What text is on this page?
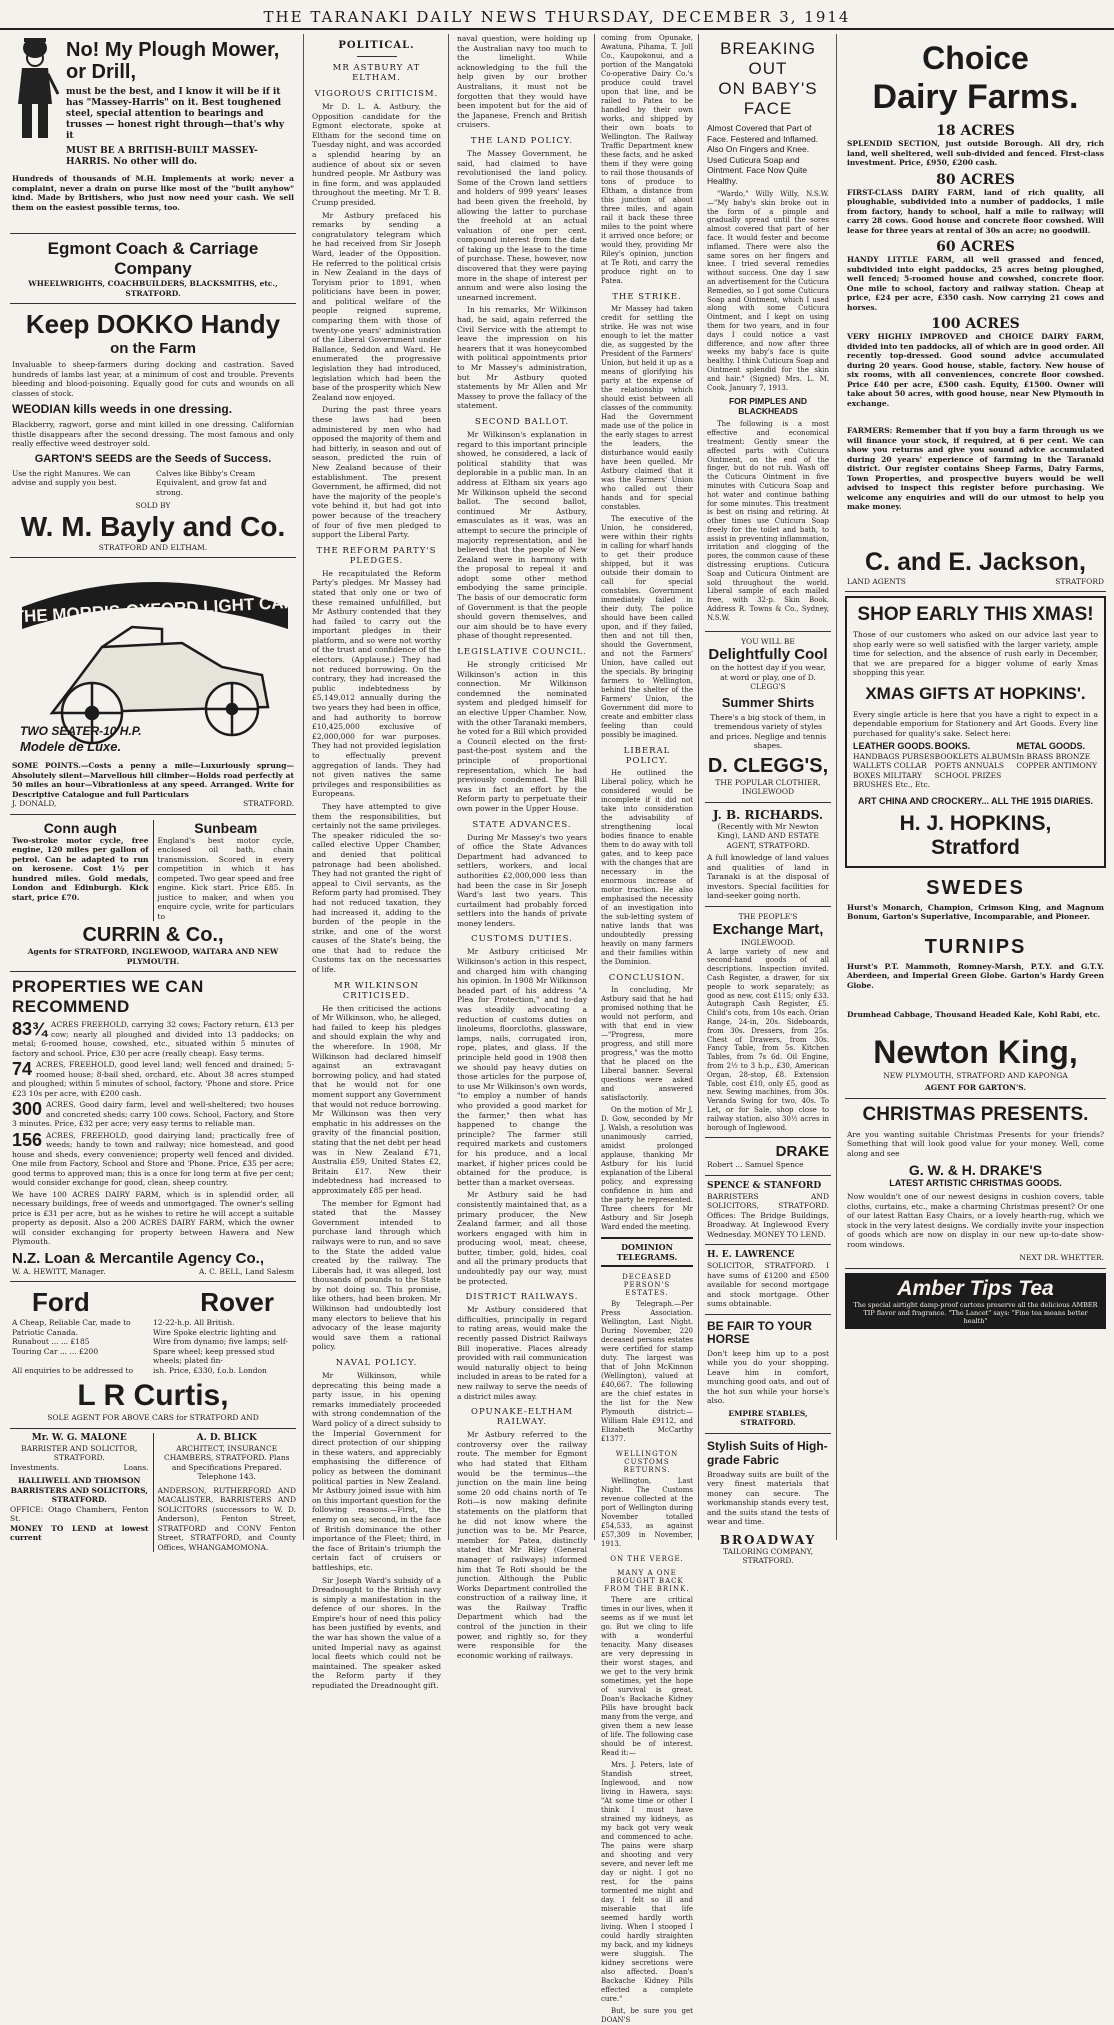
THE TARANAKI DAILY NEWS THURSDAY, DECEMBER 3, 1914
No! My Plough Mower, or Drill,
must be the best, and I know it will be if it has "Massey-Harris" on it. Best toughened steel, special attention to bearings and trusses — honest right through—that's why it
MUST BE A BRITISH-BUILT MASSEY-HARRIS. No other will do.
Hundreds of thousands of M.H. Implements at work; never a complaint, never a drain on purse like most of the "built anyhow" kind. Made by Britishers, who just now need your cash. We sell them on the easiest possible terms, too.
Egmont Coach & Carriage Company
WHEELWRIGHTS, COACHBUILDERS, BLACKSMITHS, etc., STRATFORD.
Keep DOKKO Handy
on the Farm
Invaluable to sheep-farmers during docking and castration. Saved hundreds of lambs last year, at a minimum of cost and trouble. Prevents bleeding and blood-poisoning. Equally good for cuts and wounds on all classes of stock.
WEODIAN kills weeds in one dressing.
Blackberry, ragwort, gorse and mint killed in one dressing. Californian thistle disappears after the second dressing. The most famous and only really effective weed destroyer sold.
GARTON'S SEEDS are the Seeds of Success.
Use the right Manures. We can advise and supply you best.
Calves like Bibby's Cream Equivalent, and grow fat and strong.
SOLD BY
W. M. Bayly and Co.
STRATFORD AND ELTHAM.
THE MORRIS-OXFORD LIGHT CAR
TWO SEATER-10 H.P.
Modele de Luxe.
SOME POINTS.—Costs a penny a mile—Luxuriously sprung—Absolutely silent—Marvellous hill climber—Holds road perfectly at 50 miles an hour—Vibrationless at any speed. Arranged. Write for Descriptive Catalogue and full Particulars
J. DONALD,	STRATFORD.
Conn augh
Two-stroke motor cycle, free engine, 120 miles per gallon of petrol. Can be adapted to run on kerosene. Cost 1½ per hundred miles. Gold medals, London and Edinburgh. Kick start, price £70.
Sunbeam
England's best motor cycle, enclosed oil bath, chain transmission. Scored in every competition in which it has competed. Two gear speed and free engine. Kick start. Price £85. In justice to maker, and when you enquire cycle, write for particulars to
CURRIN & Co.,
Agents for STRATFORD, INGLEWOOD, WAITARA AND NEW PLYMOUTH.
PROPERTIES WE CAN RECOMMEND
83¾ ACRES FREEHOLD, carrying 32 cows; Factory return, £13 per cow; nearly all ploughed and divided into 13 paddocks; on metal; 6-roomed house, cowshed, etc., situated within 5 minutes of factory and school. Price, £30 per acre (really cheap). Easy terms.
74 ACRES, FREEHOLD, good level land; well fenced and drained; 5-roomed house; 8-bail shed, orchard, etc. About 38 acres stumped and ploughed; within 5 minutes of school, factory. 'Phone and store. Price £23 10s per acre, with £200 cash.
300 ACRES, Good dairy farm, level and well-sheltered; two houses and concreted sheds; carry 100 cows. School, Factory, and Store 3 minutes. Price, £32 per acre; very easy terms to reliable man.
156 ACRES, FREEHOLD, good dairying land; practically free of weeds; handy to town and railway; nice homestead, and good house and sheds, every convenience; property well fenced and divided. One mile from Factory, School and Store and 'Phone. Price, £35 per acre; good terms to approved man; this is a once for long term at five per cent; would consider exchange for good, clean, sheep country.
We have 100 ACRES DAIRY FARM, which is in splendid order, all necessary buildings, free of weeds and unmortgaged. The owner's selling price is £31 per acre, but as he wishes to retire he will accept a suitable property as deposit. Also a 200 ACRES DAIRY FARM, which the owner will consider exchanging for property between Hawera and New Plymouth.
N.Z. Loan & Mercantile Agency Co.,
W. A. HEWITT, Manager.	A. C. BELL, Land Salesm
Ford	Rover
A Cheap, Reliable Car, made to	12-22-h.p. All British.
Patriotic Canada.	Wire Spoke electric lighting and
Runabout ... ... £185	Wire from dynamo; five lamps; self-
Touring Car ... ... £200	Spare wheel; keep pressed stud wheels; plated fin-
All enquiries to be addressed to	ish. Price, £330, f.o.b. London
L R Curtis,
SOLE AGENT FOR ABOVE CARS for STRATFORD AND
Mr. W. G. MALONE
BARRISTER AND SOLICITOR, STRATFORD.
Investments.	Loans.
HALLIWELL AND THOMSON BARRISTERS AND SOLICITORS, STRATFORD.
OFFICE: Otago Chambers, Fenton St.
MONEY TO LEND at lowest current
A. D. BLICK
ARCHITECT, INSURANCE CHAMBERS, STRATFORD. Plans and Specifications Prepared. Telephone 143.
ANDERSON, RUTHERFORD AND MACALISTER, BARRISTERS AND SOLICITORS (successors to W. D. Anderson), Fenton Street, STRATFORD and CONV Fenton Street, STRATFORD, and County Offices, WHANGAMOMONA.
POLITICAL.
MR ASTBURY AT ELTHAM.
VIGOROUS CRITICISM.
Mr D. L. A. Astbury, the Opposition candidate for the Egmont electorate, spoke at Eltham for the second time on Tuesday night, and was accorded a splendid hearing by an audience of about six or seven hundred people. Mr Astbury was in fine form, and was applauded throughout the meeting. Mr T. B. Crump presided.
Mr Astbury prefaced his remarks by sending a congratulatory telegram which he had received from Sir Joseph Ward, leader of the Opposition. He referred to the political crisis in New Zealand in the days of Toryism prior to 1891, when politicians have been in power, and political welfare of the people reigned supreme, comparing them with those of twenty-one years' administration of the Liberal Government under Ballance, Seddon and Ward. He enumerated the progressive legislation they had introduced, legislation which had been the base of the prosperity which New Zealand now enjoyed.
During the past three years these laws had been administered by men who had opposed the majority of them and had bitterly, in season and out of season, predicted the ruin of New Zealand because of their establishment. The present Government, he affirmed, did not have the majority of the people's vote behind it, but had got into power because of the treachery of four of five men pledged to support the Liberal Party.
THE REFORM PARTY'S PLEDGES.
He recapitulated the Reform Party's pledges. Mr Massey had stated that only one or two of these remained unfulfilled, but Mr Astbury contended that they had failed to carry out the important pledges in their platform, and so were not worthy of the trust and confidence of the electors. (Applause.) They had not reduced borrowing. On the contrary, they had increased the public indebtedness by £5,149,012 annually during the two years they had been in office, and had authority to borrow £10,425,000 exclusive of £2,000,000 for war purposes. They had not provided legislation to effectually prevent aggregation of lands. They had not given natives the same privileges and responsibilities as Europeans.
They have attempted to give them the responsibilities, but certainly not the same privileges. The speaker ridiculed the so-called elective Upper Chamber, and denied that political patronage had been abolished. They had not granted the right of appeal to Civil servants, as the Reform party had promised. They had not reduced taxation, they had increased it, adding to the burden of the people in the strike, and one of the worst causes of the State's being, the one that had to reduce the Customs tax on the necessaries of life.
MR WILKINSON CRITICISED.
He then criticised the actions of Mr Wilkinson, who, he alleged, had failed to keep his pledges and should explain the why and the wherefore. In 1908, Mr Wilkinson had declared himself against an extravagant borrowing policy, and had stated that he would not for one moment support any Government that would not reduce borrowing. Mr Wilkinson was then very emphatic in his addresses on the gravity of the financial position, stating that the net debt per head was in New Zealand £71, Australia £59, United States £2, Britain £17. New their indebtedness had increased to approximately £85 per head.
The member for Egmont had stated that the Massey Government intended to purchase land through which railways were to run, and so save to the State the added value created by the railway. The Liberals had, it was alleged, lost thousands of pounds to the State by not doing so. This promise, like others, had been broken. Mr Wilkinson had undoubtedly lost many electors to believe that his advocacy of the lease majority would save them a rational policy.
NAVAL POLICY.
Mr Wilkinson, while deprecating this being made a party issue, in his opening remarks immediately proceeded with strong condemnation of the Ward policy of a direct subsidy to the Imperial Government for direct protection of our shipping in these waters, and appreciably emphasising the difference of policy as between the dominant political parties in New Zealand. Mr Astbury joined issue with him on this important question for the following reasons.—First, the enemy on sea; second, in the face of British dominance the other importance of the Fleet; third, in the face of Britain's triumph the certain fact of cruisers or battleships, etc.
Sir Joseph Ward's subsidy of a Dreadnought to the British navy is simply a manifestation in the defence of our shores. In the Empire's hour of need this policy has been justified by events, and the war has shown the value of a united Imperial navy as against local fleets which could not be maintained. The speaker asked the Reform party if they repudiated the Dreadnought gift.
naval question, were holding up the Australian navy too much to the limelight. While acknowledging to the full the help given by our brother Australians, it must not be forgotten that they would have been impotent but for the aid of the Japanese, French and British cruisers.
THE LAND POLICY.
The Massey Government, he said, had claimed to have revolutionised the land policy. Some of the Crown land settlers and holders of 999 years' leases had been given the freehold, by allowing the latter to purchase the freehold at an actual valuation of one per cent. compound interest from the date of taking up the lease to the time of purchase. These, however, now discovered that they were paying more in the shape of interest per annum and were also losing the unearned increment.
In his remarks, Mr Wilkinson had, he said, again referred the Civil Service with the attempt to leave the impression on his hearers that it was honeycombed with political appointments prior to Mr Massey's administration, but Mr Astbury quoted statements by Mr Allen and Mr Massey to prove the fallacy of the statement.
SECOND BALLOT.
Mr Wilkinson's explanation in regard to this important principle showed, he considered, a lack of political stability that was deplorable in a public man. In an address at Eltham six years ago Mr Wilkinson upheld the second ballot. The second ballot, continued Mr Astbury, emasculates as it was, was an attempt to secure the principle of majority representation, and he believed that the people of New Zealand were in harmony with the proposal to repeal it and adopt some other method embodying the same principle. The basis of our democratic form of Government is that the people should govern themselves, and our aim should be to have every phase of thought represented.
LEGISLATIVE COUNCIL.
He strongly criticised Mr Wilkinson's action in this connection. Mr Wilkinson condemned the nominated system and pledged himself for an elective Upper Chamber. Now, with the other Taranaki members, he voted for a Bill which provided a Council elected on the first-past-the-post system and the principle of proportional representation, which he had previously condemned. The Bill was in fact an effort by the Reform party to perpetuate their own power in the Upper House.
STATE ADVANCES.
During Mr Massey's two years of office the State Advances Department had advanced to settlers, workers, and local authorities £2,000,000 less than had been the case in Sir Joseph Ward's last two years. This curtailment had probably forced settlers into the hands of private money lenders.
CUSTOMS DUTIES.
Mr Astbury criticised Mr Wilkinson's action in this respect, and charged him with changing his opinion. In 1908 Mr Wilkinson headed part of his address "A Plea for Protection," and to-day was steadily advocating a reduction of customs duties on linoleums, floorcloths, glassware, lamps, nails, corrugated iron, rope, plates, and glass. If the principle held good in 1908 then we should pay heavy duties on those articles for the purpose of, to use Mr Wilkinson's own words, "to employ a number of hands who provided a good market for the farmer," then what has happened to change the principle? The farmer still required markets and customers for his produce, and a local market, if higher prices could be obtained for the produce, is better than a market overseas.
Mr Astbury said he had consistently maintained that, as a primary producer, the New Zealand farmer, and all those workers engaged with him in producing wool, meat, cheese, butter, timber, gold, hides, coal and all the primary products that undoubtedly pay our way, must be protected.
DISTRICT RAILWAYS.
Mr Astbury considered that difficulties, principally in regard to rating areas, would make the recently passed District Railways Bill inoperative. Places already provided with rail communication would naturally object to being included in areas to be rated for a new railway to serve the needs of a district miles away.
OPUNAKE-ELTHAM RAILWAY.
Mr Astbury referred to the controversy over the railway route. The member for Egmont who had stated that Eltham would be the terminus—the junction on the main line being some 20 odd chains north of Te Roti—is now making definite statements on the platform that he did not know where the junction was to be. Mr Pearce, member for Patea, distinctly stated that Mr Riley (General manager of railways) informed him that Te Roti should be the junction. Although the Public Works Department controlled the construction of a railway line, it was the Railway Traffic Department which had the control of the junction in their power, and rightly so, for they were responsible for the economic working of railways.
coming from Opunake, Awatuna, Pihama, T. Joll Co., Kaupokonui, and a portion of the Mangatoki Co-operative Dairy Co.'s produce could travel upon that line, and be railed to Patea to be handled by their own works, and shipped by their own boats to Wellington. The Railway Traffic Department knew these facts, and he asked them if they were going to rail those thousands of tons of produce to Eltham, a distance from this junction of about three miles, and again rail it back these three miles to the point where it arrived once before; or would they, providing Mr Riley's opinion, junction at Te Roti, and carry the produce right on to Patea.
THE STRIKE.
Mr Massey had taken credit for settling the strike. He was not wise enough to let the matter die, as suggested by the President of the Farmers' Union, but held it up as a means of glorifying his party at the expense of the relationship which should exist between all classes of the community. Had the Government made use of the police in the early stages to arrest the leaders, the disturbance would easily have been quelled. Mr Astbury claimed that it was the Farmers' Union who called out their hands and for special constables.
The executive of the Union, he considered, were within their rights in calling for wharf hands to get their produce shipped, but it was outside their domain to call for special constables. Government immediately failed in their duty. The police should have been called upon, and if they failed, then and not till then, should the Government, and not the Farmers' Union, have called out the specials. By bringing farmers to Wellington, behind the shelter of the Farmers' Union, the Government did more to create and embitter class feeling than could possibly be imagined.
LIBERAL POLICY.
He outlined the Liberal policy, which he considered would be incomplete if it did not take into consideration the advisability of strengthening local bodies finance to enable them to do away with toll gates, and to keep pace with the changes that are necessary in the enormous increase of motor traction. He also emphasised the necessity of an investigation into the sub-letting system of native lands that was undoubtedly pressing heavily on many farmers and their families within the Dominion.
CONCLUSION.
In concluding, Mr Astbury said that he had promised nothing that he would not perform, and with that end in view —"Progress, more progress, and still more progress," was the motto that he placed on the Liberal banner. Several questions were asked and answered satisfactorily.
On the motion of Mr J. D. Gow, seconded by Mr J. Walsh, a resolution was unanimously carried, amidst prolonged applause, thanking Mr Astbury for his lucid explanation of the Liberal policy, and expressing confidence in him and the party he represented. Three cheers for Mr Astbury and Sir Joseph Ward ended the meeting.
DOMINION TELEGRAMS.
DECEASED PERSON'S ESTATES.
By Telegraph.—Per Press Association. Wellington, Last Night. During November, 220 deceased persons estates were certified for stamp duty. The largest was that of John McKinnon (Wellington), valued at £40,667. The following are the chief estates in the list for the New Plymouth district:—William Hale £9112, and Elizabeth McCarthy £1377.
WELLINGTON CUSTOMS RETURNS.
Wellington, Last Night. The Customs revenue collected at the port of Wellington during November totalled £54,533, as against £57,309 in November, 1913.
ON THE VERGE.
MANY A ONE BROUGHT BACK FROM THE BRINK.
There are critical times in our lives, when it seems as if we must let go. But we cling to life with a wonderful tenacity. Many diseases are very depressing in their worst stages, and we get to the very brink sometimes, yet the hope of survival is great. Doan's Backache Kidney Pills have brought back many from the verge, and given them a new lease of life. The following case should be of interest. Read it:—
Mrs. J. Peters, late of Standish street, Inglewood, and now living in Hawera, says: "At some time or other I think I must have strained my kidneys, as my back got very weak and commenced to ache. The pains were sharp and shooting and very severe, and never left me day or night. I got no rest, for the pains tormented me night and day. I felt so ill and miserable that life seemed hardly worth living. When I stooped I could hardly straighten my back, and my kidneys were sluggish. The kidney secretions were also affected. Doan's Backache Kidney Pills effected a complete cure."
But, be sure you get DOAN'S
BREAKING OUT
ON BABY'S FACE
Almost Covered that Part of Face. Festered and Inflamed. Also On Fingers and Knee. Used Cuticura Soap and Ointment. Face Now Quite Healthy.
"Wardo," Willy Willy, N.S.W.—"My baby's skin broke out in the form of a pimple and gradually spread until the sores almost covered that part of her face. It would fester and become inflamed. There were also the same sores on her fingers and knee. I tried several remedies without success. One day I saw an advertisement for the Cuticura Remedies, so I got some Cuticura Soap and Ointment, which I used along with some Cuticura Ointment, and I kept on using them for two years, and in four days I could notice a vast difference, and now after three weeks my baby's face is quite healthy. I think Cuticura Soap and Ointment splendid for the skin and hair." (Signed) Mrs. L. M. Cook, January 7, 1913.
FOR PIMPLES AND BLACKHEADS
The following is a most effective and economical treatment: Gently smear the affected parts with Cuticura Ointment, on the end of the finger, but do not rub. Wash off the Cuticura Ointment in five minutes with Cuticura Soap and hot water and continue bathing for some minutes. This treatment is best on rising and retiring. At other times use Cuticura Soap freely for the toilet and bath, to assist in preventing inflammation, irritation and clogging of the pores, the common cause of these distressing eruptions. Cuticura Soap and Cuticura Ointment are sold throughout the world. Liberal sample of each mailed free, with 32-p. Skin Book. Address R. Towns & Co., Sydney, N.S.W.
YOU WILL BE
Delightfully Cool
on the hottest day if you wear, at word or play, one of D. CLEGG'S
Summer Shirts
There's a big stock of them, in tremendous variety of styles and prices. Neglige and tennis shapes.
D. CLEGG'S,
THE POPULAR CLOTHIER, INGLEWOOD
J. B. RICHARDS.
(Recently with Mr Newton King), LAND AND ESTATE AGENT, STRATFORD.
A full knowledge of land values and qualities of land in Taranaki is at the disposal of investors. Special facilities for land-seeker going north.
THE PEOPLE'S
Exchange Mart,
INGLEWOOD.
A large variety of new and second-hand goods of all descriptions. Inspection invited. Cash Register, a drawer, for six people to work separately; as good as new, cost £115; only £33. Autograph Cash Register, £5. Child's cots, from 10s each. Orian Range, 24-in, 20s. Sideboards, from 30s. Dressers, from 25s. Chest of Drawers, from 30s. Fancy Table, from 5s. Kitchen Tables, from 7s 6d. Oil Engine, from 2½ to 3 h.p., £30, American Organ, 28-stop, £8. Extension Table, cost £10, only £5, good as new. Sewing machines, from 30s. Veranda Swing for two, 40s. To Let, or for Sale, shop close to railway station, also 30½ acres in borough of Inglewood.
DRAKE
Robert ... Samuel Spence
SPENCE & STANFORD
BARRISTERS AND SOLICITORS, STRATFORD. Offices: The Bridge Buildings, Broadway. At Inglewood Every Wednesday. MONEY TO LEND.
H. E. LAWRENCE
SOLICITOR, STRATFORD. I have sums of £1200 and £500 available for second mortgage and stock mortgage. Other sums obtainable.
BE FAIR TO YOUR HORSE
Don't keep him up to a post while you do your shopping. Leave him in comfort, munching good oats, and out of the hot sun while your horse's also.
EMPIRE STABLES, STRATFORD.
Stylish Suits of High-grade Fabric
Broadway suits are built of the very finest materials that money can secure. The workmanship stands every test, and the suits stand the tests of wear and time.
BROADWAY
TAILORING COMPANY, STRATFORD.
Choice
Dairy Farms.
18 ACRES
SPLENDID SECTION, just outside Borough. All dry, rich land, well sheltered, well sub-divided and fenced. First-class investment. Price, £950, £200 cash.
80 ACRES
FIRST-CLASS DAIRY FARM, land of rich quality, all ploughable, subdivided into a number of paddocks, 1 mile from factory, handy to school, half a mile to railway; will carry 28 cows. Good house and concrete floor cowshed. Will lease for three years at rental of 30s an acre; no goodwill.
60 ACRES
HANDY LITTLE FARM, all well grassed and fenced, subdivided into eight paddocks, 25 acres being ploughed, well fenced; 5-roomed house and cowshed, concrete floor. One mile to school, factory and railway station. Cheap at price, £24 per acre, £350 cash. Now carrying 21 cows and horses.
100 ACRES
VERY HIGHLY IMPROVED and CHOICE DAIRY FARM, divided into ten paddocks, all of which are in good order. All recently top-dressed. Good sound advice accumulated during 20 years. Good house, stable, factory. New house of six rooms, with all conveniences, concrete floor cowshed. Price £40 per acre, £500 cash. Equity, £1500. Owner will take about 50 acres, with good house, near New Plymouth in exchange.
FARMERS: Remember that if you buy a farm through us we will finance your stock, if required, at 6 per cent. We can show you returns and give you sound advice accumulated during 20 years' experience of farming in the Taranaki district. Our register contains Sheep Farms, Dairy Farms, Town Properties, and prospective buyers would be well advised to inspect this register before purchasing. We welcome any enquiries and will do our utmost to help you make money.
C. and E. Jackson,
LAND AGENTS	STRATFORD
SHOP EARLY THIS XMAS!
Those of our customers who asked on our advice last year to shop early were so well satisfied with the larger variety, ample time for selection, and the absence of rush early in December, that we are prepared for a bigger volume of early Xmas shopping this year.
XMAS GIFTS AT HOPKINS'.
Every single article is here that you have a right to expect in a dependable emporium for Stationery and Art Goods. Every line purchased for quality's sake. Select here:
LEATHER GOODS.
HANDBAGS PURSES WALLETS COLLAR BOXES MILITARY BRUSHES Etc., Etc.
BOOKS.
BOOKLETS ALBUMS POETS ANNUALS SCHOOL PRIZES
METAL GOODS.
In BRASS BRONZE COPPER ANTIMONY
ART CHINA AND CROCKERY... ALL THE 1915 DIARIES.
H. J. HOPKINS, Stratford
SWEDES
Hurst's Monarch, Champion, Crimson King, and Magnum Bonum, Garton's Superlative, Incomparable, and Pioneer.
TURNIPS
Hurst's P.T. Mammoth, Romney-Marsh, P.T.Y. and G.T.Y. Aberdeen, and Imperial Green Globe. Garton's Hardy Green Globe.
Drumhead Cabbage, Thousand Headed Kale, Kohl Rabi, etc.
Newton King,
NEW PLYMOUTH, STRATFORD AND KAPONGA
AGENT FOR GARTON'S.
CHRISTMAS PRESENTS.
Are you wanting suitable Christmas Presents for your friends? Something that will look good value for your money. Well, come along and see
G. W. & H. DRAKE'S
LATEST ARTISTIC CHRISTMAS GOODS.
Now wouldn't one of our newest designs in cushion covers, table cloths, curtains, etc., make a charming Christmas present? Or one of our latest Rattan Easy Chairs, or a lovely hearth-rug, which we stock in the very latest designs. We cordially invite your inspection of goods which are now on display in our new up-to-date show-room windows.
NEXT DR. WHETTER.
Amber Tips Tea
The special airtight damp-proof cartons preserve all the delicious AMBER TIP flavor and fragrance. "The Lancet" says: "Fine tea means better health"
